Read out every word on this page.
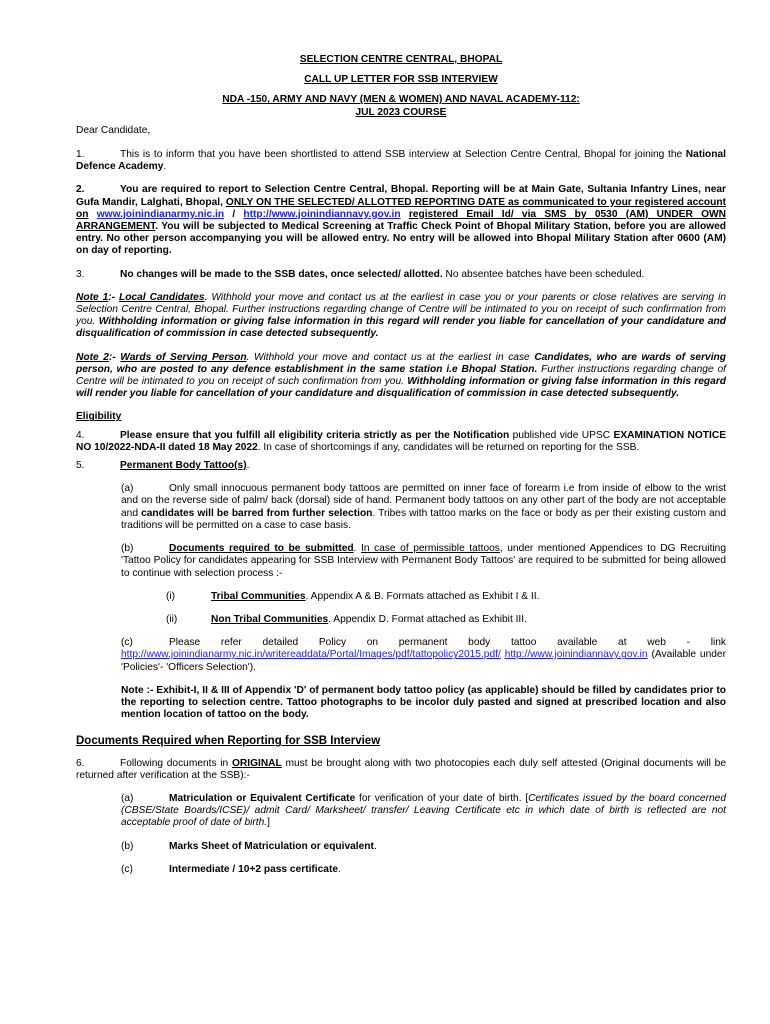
SELECTION CENTRE CENTRAL, BHOPAL

CALL UP LETTER FOR SSB INTERVIEW

NDA -150, ARMY AND NAVY (MEN & WOMEN) AND NAVAL ACADEMY-112:

JUL 2023 COURSE

Dear Candidate,

1.	This is to inform that you have been shortlisted to attend SSB interview at Selection Centre Central, Bhopal for joining the National Defence Academy.

2.	You are required to report to Selection Centre Central, Bhopal. Reporting will be at Main Gate, Sultania Infantry Lines, near Gufa Mandir, Lalghati, Bhopal, ONLY ON THE SELECTED/ ALLOTTED REPORTING DATE as communicated to your registered account on www.joinindianarmy.nic.in / http://www.joinindiannavy.gov.in registered Email Id/ via SMS by 0530 (AM) UNDER OWN ARRANGEMENT. You will be subjected to Medical Screening at Traffic Check Point of Bhopal Military Station, before you are allowed entry. No other person accompanying you will be allowed entry. No entry will be allowed into Bhopal Military Station after 0600 (AM) on day of reporting.

3.	No changes will be made to the SSB dates, once selected/ allotted. No absentee batches have been scheduled.

Note 1:- Local Candidates. Withhold your move and contact us at the earliest in case you or your parents or close relatives are serving in Selection Centre Central, Bhopal. Further instructions regarding change of Centre will be intimated to you on receipt of such confirmation from you. Withholding information or giving false information in this regard will render you liable for cancellation of your candidature and disqualification of commission in case detected subsequently.

Note 2:- Wards of Serving Person. Withhold your move and contact us at the earliest in case Candidates, who are wards of serving person, who are posted to any defence establishment in the same station i.e Bhopal Station. Further instructions regarding change of Centre will be intimated to you on receipt of such confirmation from you. Withholding information or giving false information in this regard will render you liable for cancellation of your candidature and disqualification of commission in case detected subsequently.

Eligibility

4.	Please ensure that you fulfill all eligibility criteria strictly as per the Notification published vide UPSC EXAMINATION NOTICE NO 10/2022-NDA-II dated 18 May 2022. In case of shortcomings if any, candidates will be returned on reporting for the SSB.

5.	Permanent Body Tattoo(s).

(a)	Only small innocuous permanent body tattoos are permitted on inner face of forearm i.e from inside of elbow to the wrist and on the reverse side of palm/ back (dorsal) side of hand. Permanent body tattoos on any other part of the body are not acceptable and candidates will be barred from further selection. Tribes with tattoo marks on the face or body as per their existing custom and traditions will be permitted on a case to case basis.

(b)	Documents required to be submitted. In case of permissible tattoos, under mentioned Appendices to DG Recruiting 'Tattoo Policy for candidates appearing for SSB Interview with Permanent Body Tattoos' are required to be submitted for being allowed to continue with selection process :-

(i)	Tribal Communities. Appendix A & B. Formats attached as Exhibit I & II.

(ii)	Non Tribal Communities. Appendix D. Format attached as Exhibit III.

(c)	Please refer detailed Policy on permanent body tattoo available at web - link http://www.joinindianarmy.nic.in/writereaddata/Portal/Images/pdf/tattopolicy2015.pdf/ http://www.joinindiannavy.gov.in (Available under 'Policies'- 'Officers Selection').

Note :- Exhibit-I, II & III of Appendix 'D' of permanent body tattoo policy (as applicable) should be filled by candidates prior to the reporting to selection centre. Tattoo photographs to be incolor duly pasted and signed at prescribed location and also mention location of tattoo on the body.

Documents Required when Reporting for SSB Interview

6.	Following documents in ORIGINAL must be brought along with two photocopies each duly self attested (Original documents will be returned after verification at the SSB):-

(a)	Matriculation or Equivalent Certificate for verification of your date of birth. [Certificates issued by the board concerned (CBSE/State Boards/ICSE)/ admit Card/ Marksheet/ transfer/ Leaving Certificate etc in which date of birth is reflected are not acceptable proof of date of birth.]

(b)	Marks Sheet of Matriculation or equivalent.

(c)	Intermediate / 10+2 pass certificate.
